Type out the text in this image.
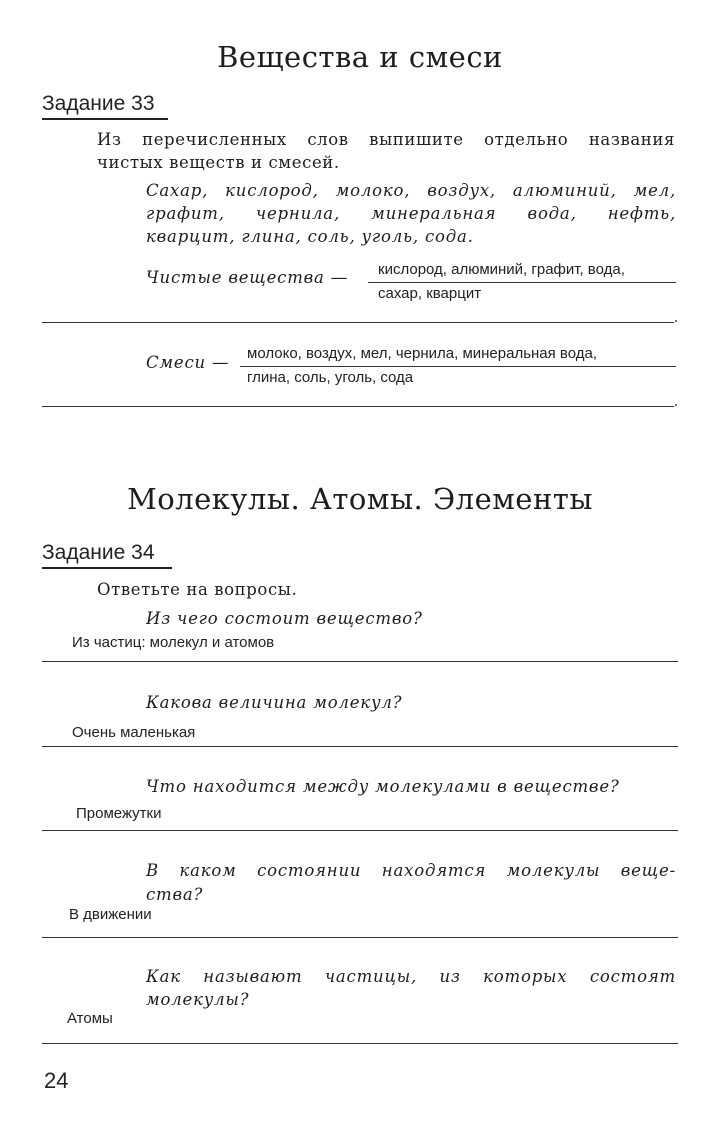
Вещества и смеси
Задание 33
Из перечисленных слов выпишите отдельно названия
чистых веществ и смесей.
Сахар, кислород, молоко, воздух, алюминий, мел,
графит, чернила, минеральная вода, нефть,
кварцит, глина, соль, уголь, сода.
Чистые вещества — кислород, алюминий, графит, вода,
сахар, кварцит
Смеси — молоко, воздух, мел, чернила, минеральная вода,
глина, соль, уголь, сода
Молекулы. Атомы. Элементы
Задание 34
Ответьте на вопросы.
Из чего состоит вещество?
Из частиц: молекул и атомов
Какова величина молекул?
Очень маленькая
Что находится между молекулами в веществе?
Промежутки
В каком состоянии находятся молекулы веще-
ства?
В движении
Как называют частицы, из которых состоят
молекулы?
Атомы
24
